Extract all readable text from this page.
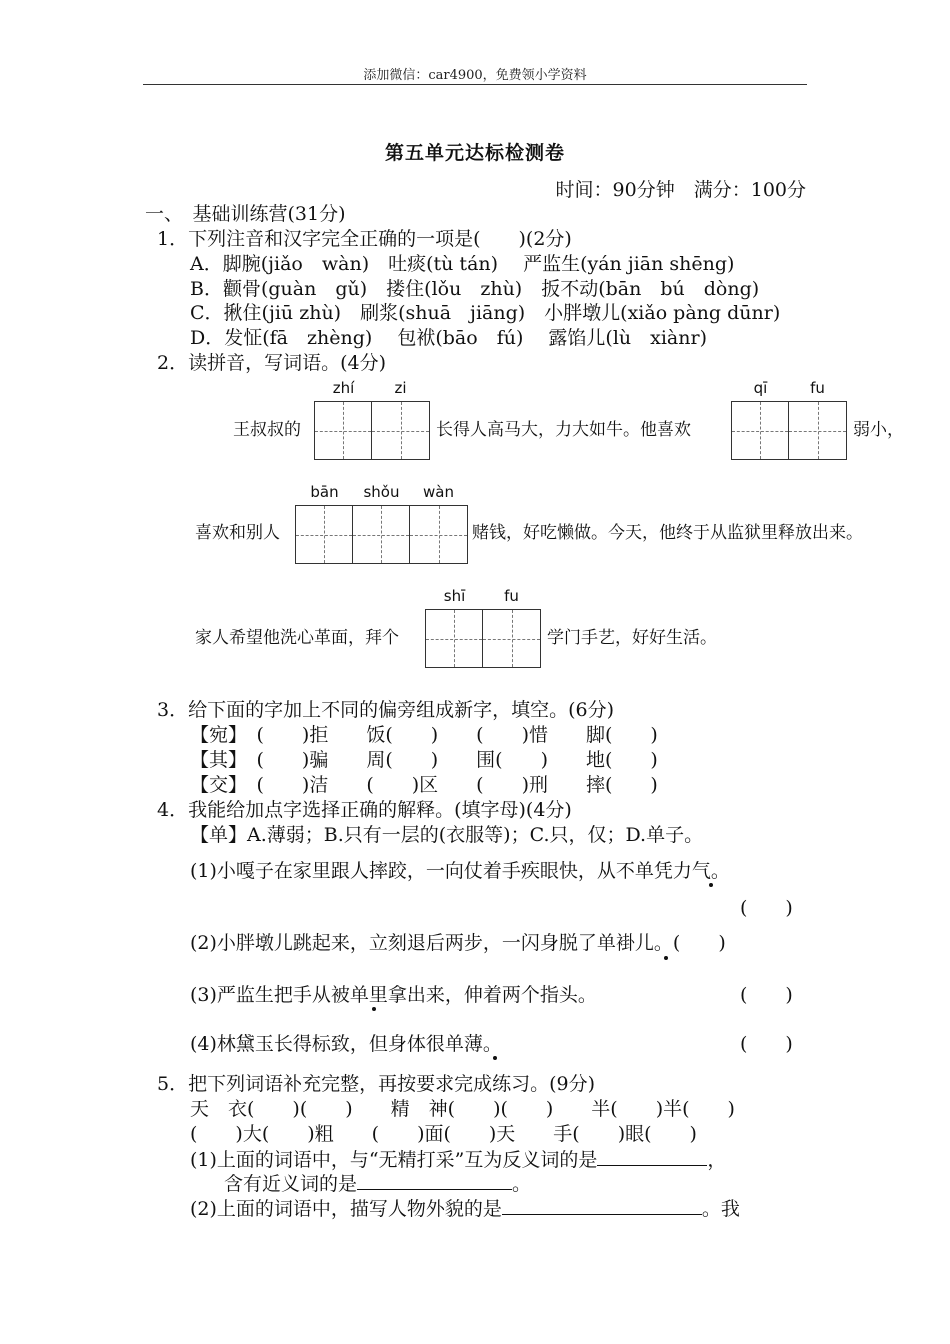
添加微信：car4900，免费领小学资料
第五单元达标检测卷
时间：90分钟　满分：100分
一、　基础训练营(31分)
1．下列注音和汉字完全正确的一项是(　　)(2分)
A．脚腕(jiǎo　wàn)　吐痰(tù tán)　 严监生(yán jiān shēng)
B．颧骨(guàn　gǔ)　搂住(lǒu　zhù)　扳不动(bān　bú　dòng)
C．揪住(jiū zhù)　刷浆(shuā　jiāng)　小胖墩儿(xiǎo pàng dūnr)
D．发怔(fā　zhèng)　 包袱(bāo　fú)　 露馅儿(lù　xiànr)
2．读拼音，写词语。(4分)
zhí	zi
王叔叔的	长得人高马大，力大如牛。他喜欢
qī	fu
弱小，
bān	shǒu	wàn
喜欢和别人	赌钱，好吃懒做。今天，他终于从监狱里释放出来。
shī	fu
家人希望他洗心革面，拜个	学门手艺，好好生活。
3．给下面的字加上不同的偏旁组成新字，填空。(6分)
【宛】　(　　)拒　　饭(　　)　　(　　)惜　　脚(　　)
【其】　(　　)骗　　周(　　)　　围(　　)　　地(　　)
【交】　(　　)洁　　(　　)区　　(　　)刑　　摔(　　)
4．我能给加点字选择正确的解释。(填字母)(4分)
【单】A.薄弱；B.只有一层的(衣服等)；C.只，仅；D.单子。
(1)小嘎子在家里跟人摔跤，一向仗着手疾眼快，从不单凭力气。
(　　)
(2)小胖墩儿跳起来，立刻退后两步，一闪身脱了单褂儿。(　　)
(3)严监生把手从被单里拿出来，伸着两个指头。	(　　)
(4)林黛玉长得标致，但身体很单薄。	(　　)
5．把下列词语补充完整，再按要求完成练习。(9分)
天　衣(　　)(　　)　　精　神(　　)(　　)　　半(　　)半(　　)
(　　)大(　　)粗　　(　　)面(　　)天　　手(　　)眼(　　)
(1)上面的词语中，与“无精打采”互为反义词的是	，
含有近义词的是	。
(2)上面的词语中，描写人物外貌的是	。我
